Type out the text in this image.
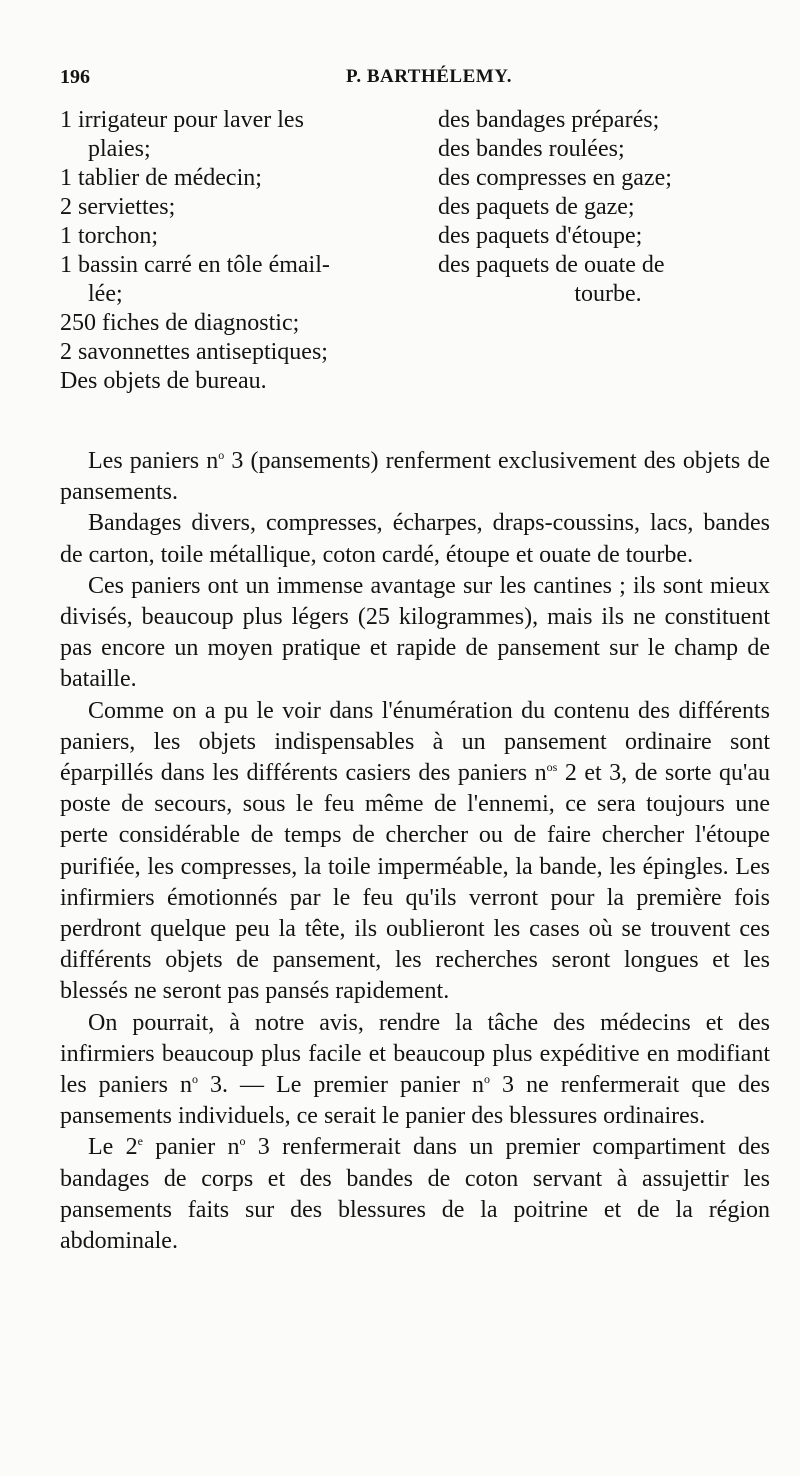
196	P. BARTHÉLEMY.
1 irrigateur pour laver les
plaies;
1 tablier de médecin;
2 serviettes;
1 torchon;
1 bassin carré en tôle émail-
lée;
250 fiches de diagnostic;
2 savonnettes antiseptiques;
Des objets de bureau.
des bandages préparés;
des bandes roulées;
des compresses en gaze;
des paquets de gaze;
des paquets d'étoupe;
des paquets de ouate de
tourbe.

Les paniers $n^o$ 3 (pansements) renferment exclusivement des objets de pansements.

Bandages divers, compresses, écharpes, draps-coussins, lacs, bandes de carton, toile métallique, coton cardé, étoupe et ouate de tourbe.

Ces paniers ont un immense avantage sur les cantines ; ils sont mieux divisés, beaucoup plus légers (25 kilogrammes), mais ils ne constituent pas encore un moyen pratique et rapide de pansement sur le champ de bataille.

Comme on a pu le voir dans l'énumération du contenu des différents paniers, les objets indispensables à un pansement ordinaire sont éparpillés dans les différents casiers des paniers $n^{os}$ 2 et 3, de sorte qu'au poste de secours, sous le feu même de l'ennemi, ce sera toujours une perte considérable de temps de chercher ou de faire chercher l'étoupe purifiée, les compresses, la toile imperméable, la bande, les épingles. Les infirmiers émotionnés par le feu qu'ils verront pour la première fois perdront quelque peu la tête, ils oublieront les cases où se trouvent ces différents objets de pansement, les recherches seront longues et les blessés ne seront pas pansés rapidement.

On pourrait, à notre avis, rendre la tâche des médecins et des infirmiers beaucoup plus facile et beaucoup plus expéditive en modifiant les paniers $n^o$ 3. — Le premier panier $n^o$ 3 ne renfermerait que des pansements individuels, ce serait le panier des blessures ordinaires.

Le 2e panier $n^o$ 3 renfermerait dans un premier compartiment des bandages de corps et des bandes de coton servant à assujettir les pansements faits sur des blessures de la poitrine et de la région abdominale.
